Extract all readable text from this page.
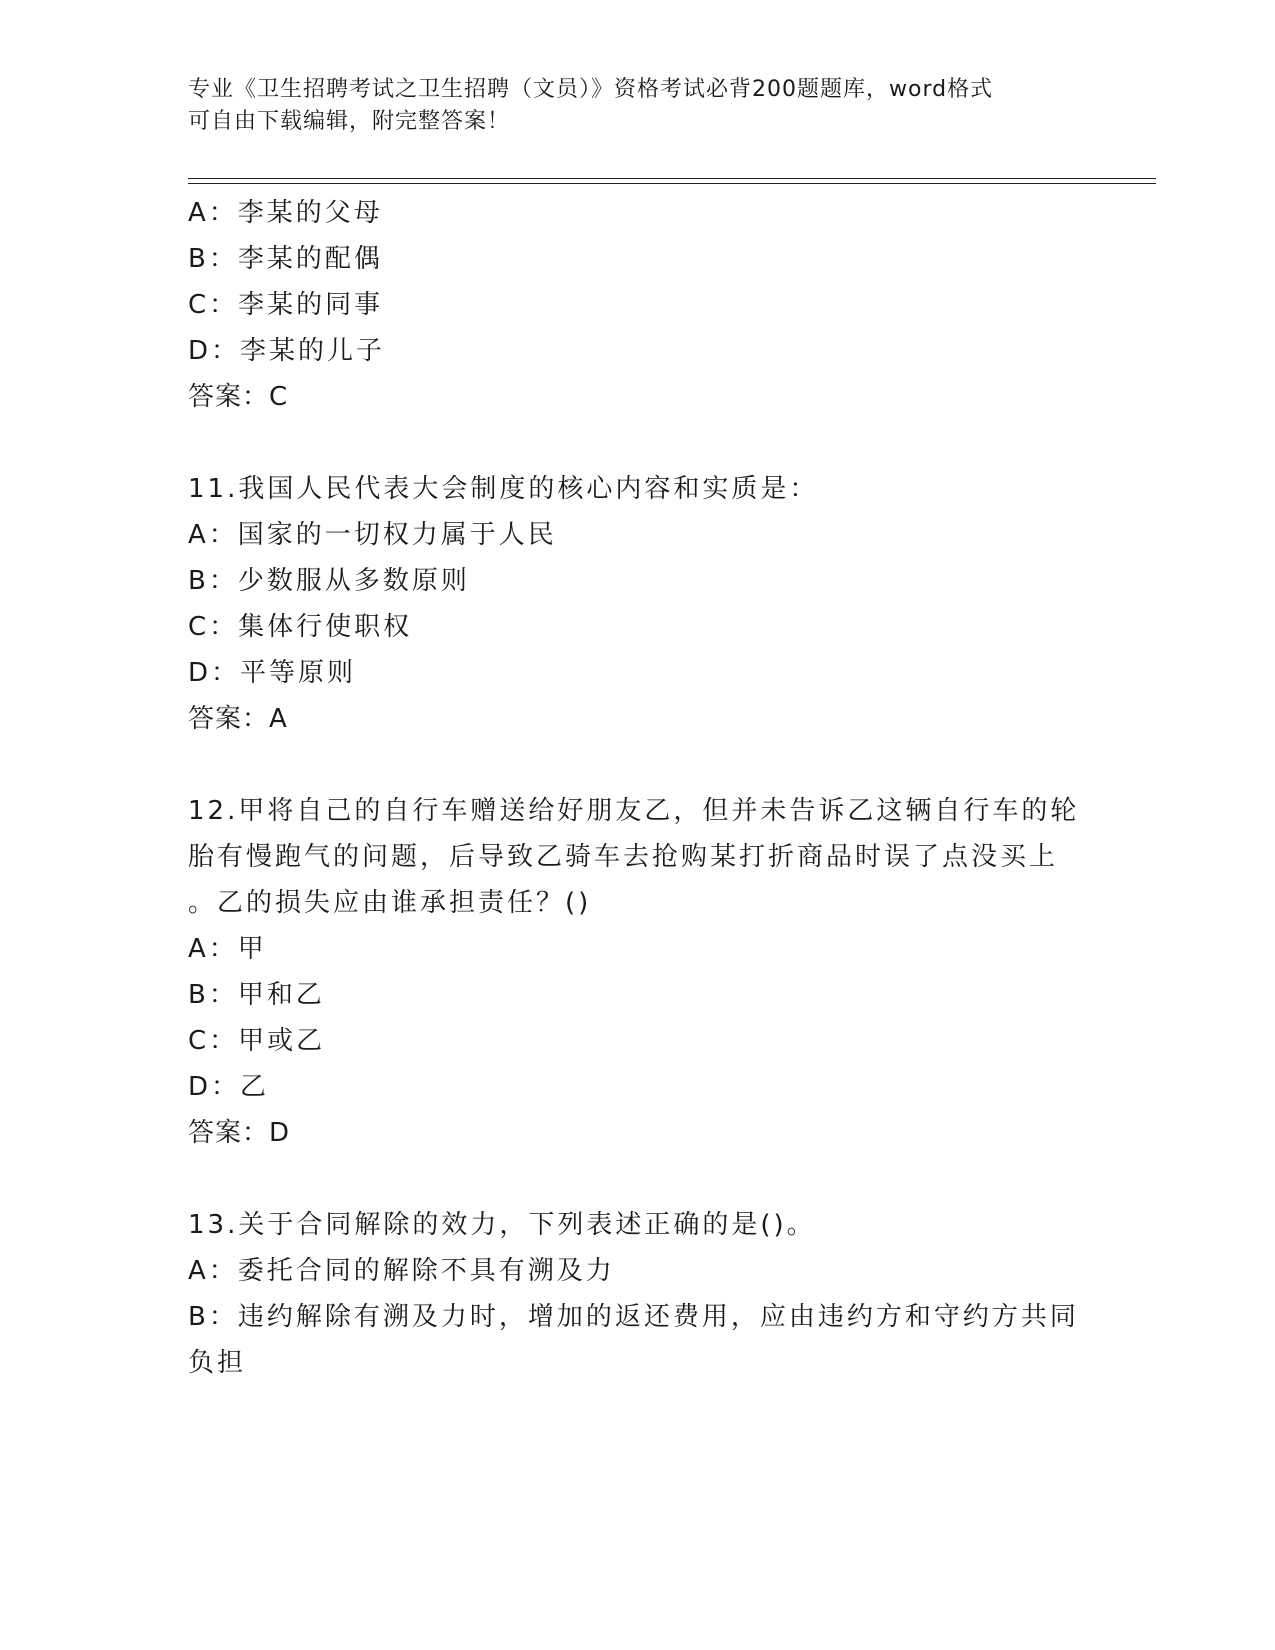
专业《卫生招聘考试之卫生招聘（文员）》资格考试必背200题题库，word格式
可自由下载编辑，附完整答案！
A：李某的父母
B：李某的配偶
C：李某的同事
D：李某的儿子
答案：C
11.我国人民代表大会制度的核心内容和实质是：
A：国家的一切权力属于人民
B：少数服从多数原则
C：集体行使职权
D：平等原则
答案：A
12.甲将自己的自行车赠送给好朋友乙，但并未告诉乙这辆自行车的轮
胎有慢跑气的问题，后导致乙骑车去抢购某打折商品时误了点没买上
。乙的损失应由谁承担责任？()
A：甲
B：甲和乙
C：甲或乙
D：乙
答案：D
13.关于合同解除的效力，下列表述正确的是()。
A：委托合同的解除不具有溯及力
B：违约解除有溯及力时，增加的返还费用，应由违约方和守约方共同
负担
